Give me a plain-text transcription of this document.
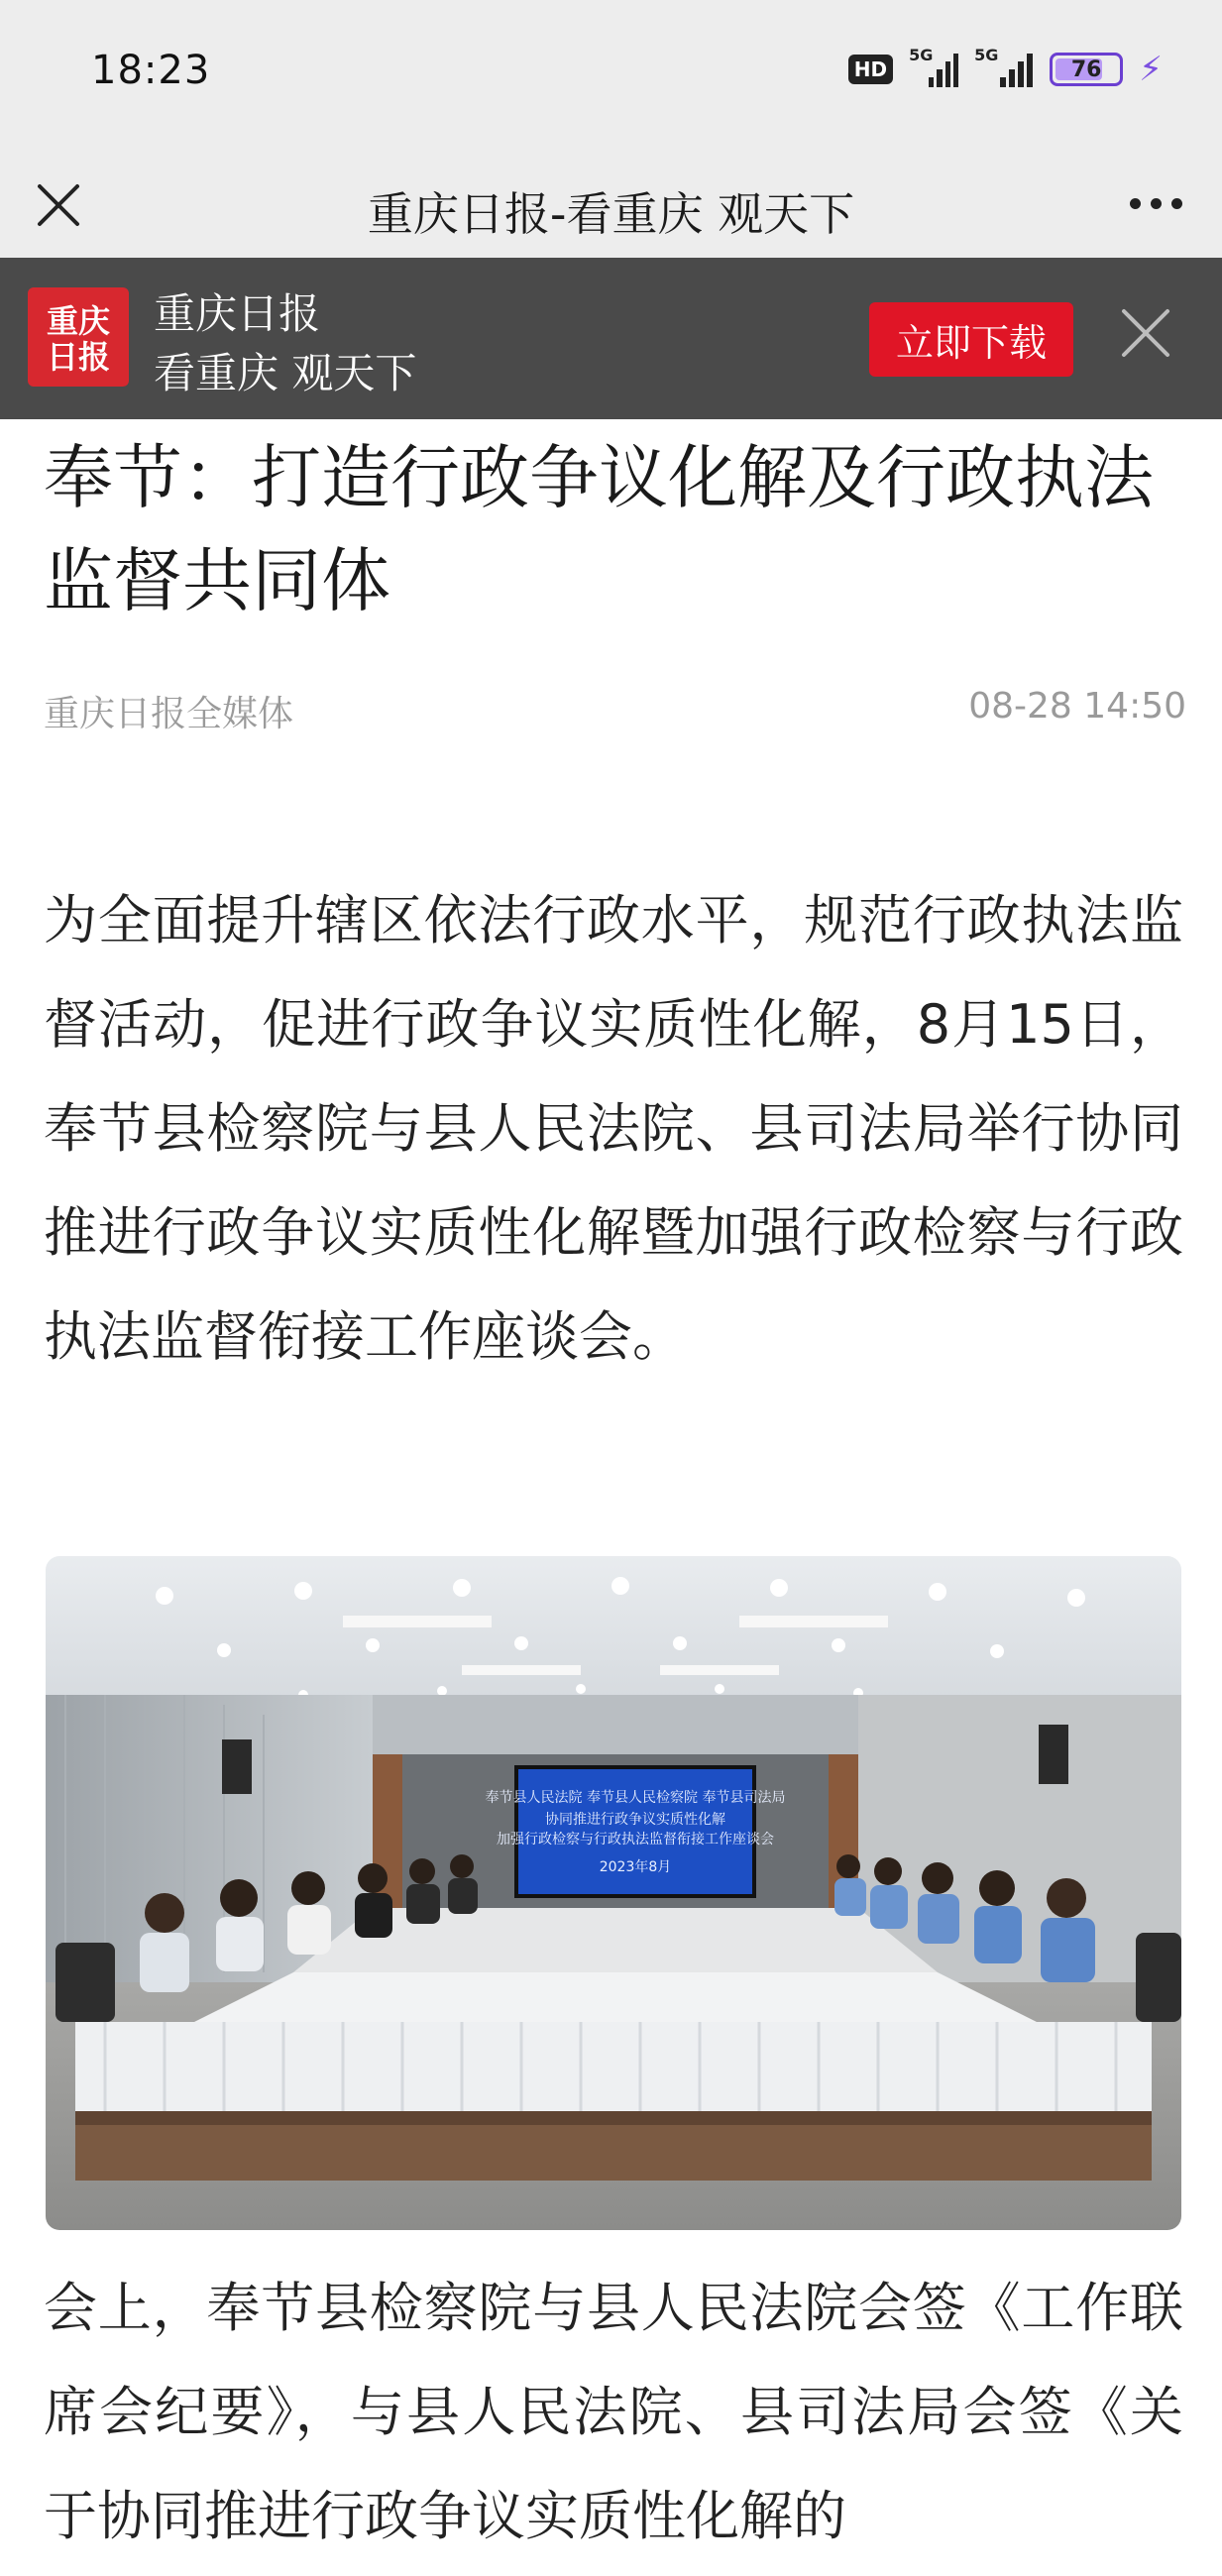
18:23	HD
5G	5G
76 ⚡
重庆日报-看重庆 观天下
重庆
日报
重庆日报
看重庆 观天下
立即下载
奉节：打造行政争议化解及行政执法监督共同体
重庆日报全媒体	08-28 14:50

为全面提升辖区依法行政水平，规范行政执法监督活动，促进行政争议实质性化解，8月15日，奉节县检察院与县人民法院、县司法局举行协同推进行政争议实质性化解暨加强行政检察与行政执法监督衔接工作座谈会。

奉节县人民法院 奉节县人民检察院 奉节县司法局
协同推进行政争议实质性化解
加强行政检察与行政执法监督衔接工作座谈会
2023年8月

会上，奉节县检察院与县人民法院会签《工作联席会纪要》，与县人民法院、县司法局会签《关于协同推进行政争议实质性化解的
